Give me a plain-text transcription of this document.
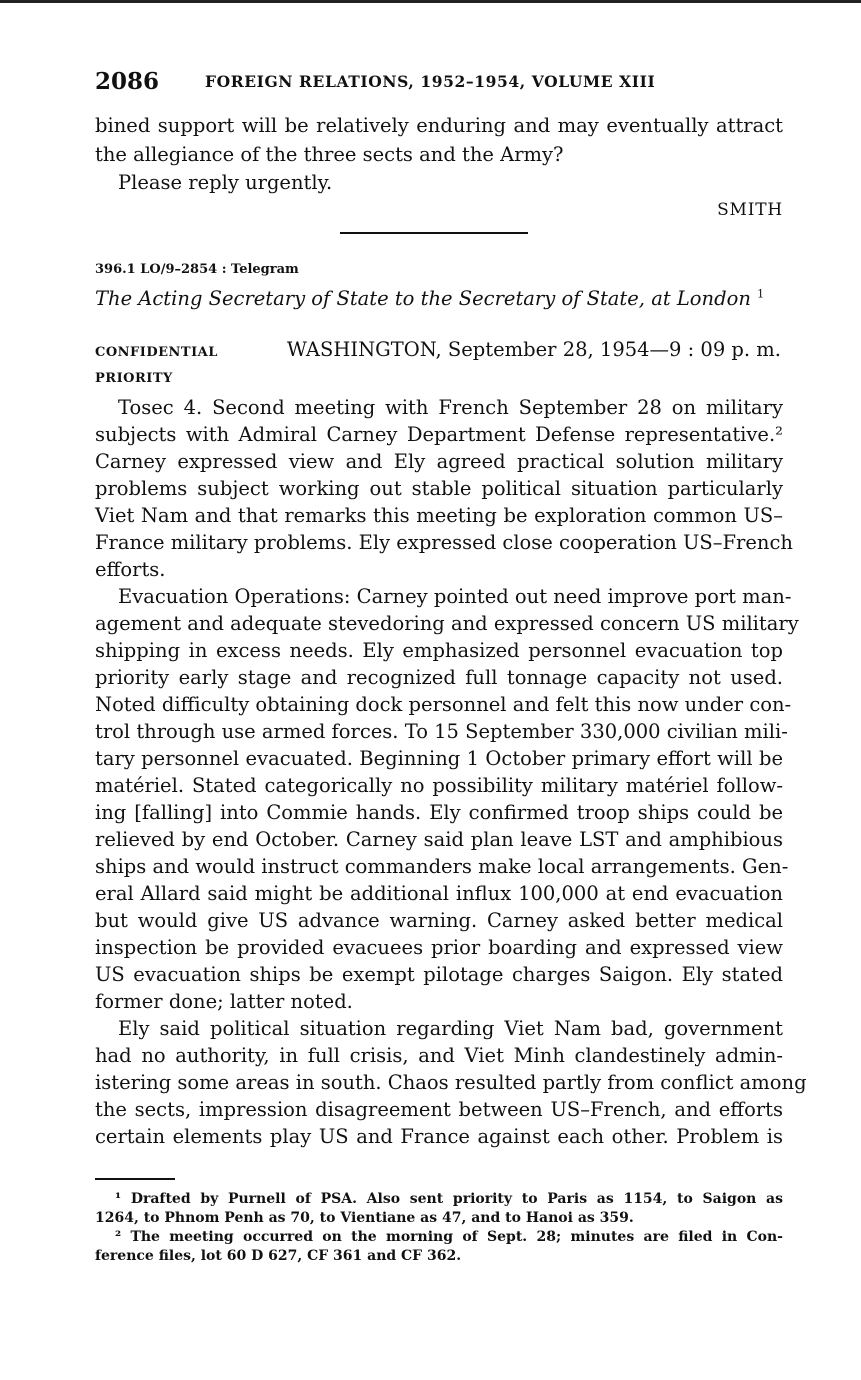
2086	FOREIGN RELATIONS, 1952–1954, VOLUME XIII
bined support will be relatively enduring and may eventually attract
the allegiance of the three sects and the Army?
Please reply urgently.
SMITH
396.1 LO/9–2854 : Telegram
The Acting Secretary of State to the Secretary of State, at London $^1$
CONFIDENTIAL	WASHINGTON, September 28, 1954—9 : 09 p. m.
PRIORITY
Tosec 4. Second meeting with French September 28 on military
subjects with Admiral Carney Department Defense representative.²
Carney expressed view and Ely agreed practical solution military
problems subject working out stable political situation particularly
Viet Nam and that remarks this meeting be exploration common US–
France military problems. Ely expressed close cooperation US–French
efforts.
Evacuation Operations: Carney pointed out need improve port man-
agement and adequate stevedoring and expressed concern US military
shipping in excess needs. Ely emphasized personnel evacuation top
priority early stage and recognized full tonnage capacity not used.
Noted difficulty obtaining dock personnel and felt this now under con-
trol through use armed forces. To 15 September 330,000 civilian mili-
tary personnel evacuated. Beginning 1 October primary effort will be
matériel. Stated categorically no possibility military matériel follow-
ing [falling] into Commie hands. Ely confirmed troop ships could be
relieved by end October. Carney said plan leave LST and amphibious
ships and would instruct commanders make local arrangements. Gen-
eral Allard said might be additional influx 100,000 at end evacuation
but would give US advance warning. Carney asked better medical
inspection be provided evacuees prior boarding and expressed view
US evacuation ships be exempt pilotage charges Saigon. Ely stated
former done; latter noted.
Ely said political situation regarding Viet Nam bad, government
had no authority, in full crisis, and Viet Minh clandestinely admin-
istering some areas in south. Chaos resulted partly from conflict among
the sects, impression disagreement between US–French, and efforts
certain elements play US and France against each other. Problem is
¹ Drafted by Purnell of PSA. Also sent priority to Paris as 1154, to Saigon as
1264, to Phnom Penh as 70, to Vientiane as 47, and to Hanoi as 359.
² The meeting occurred on the morning of Sept. 28; minutes are filed in Con-
ference files, lot 60 D 627, CF 361 and CF 362.
